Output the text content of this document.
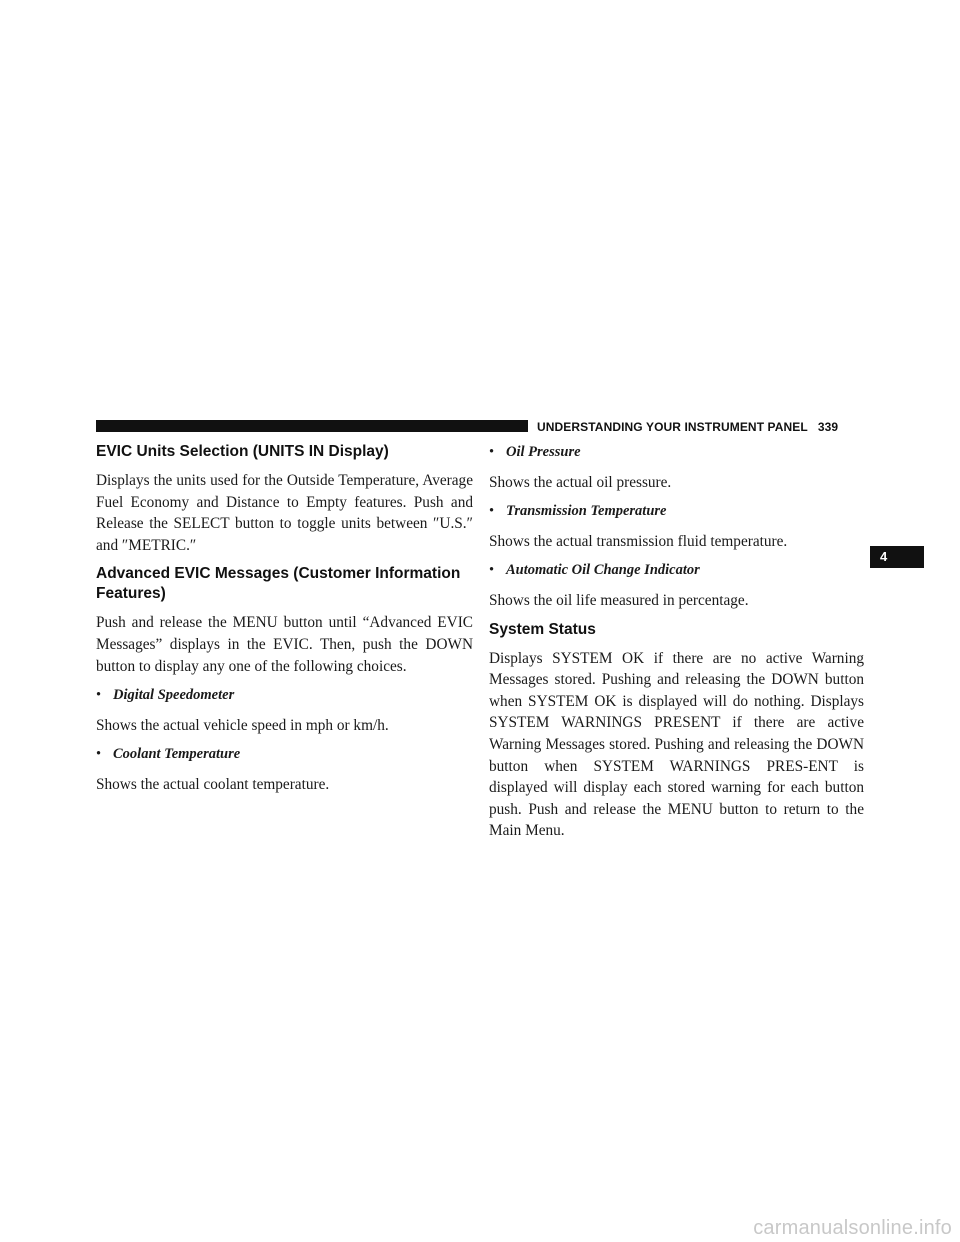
UNDERSTANDING YOUR INSTRUMENT PANEL 339
EVIC Units Selection (UNITS IN Display)

Displays the units used for the Outside Temperature, Average Fuel Economy and Distance to Empty features. Push and Release the SELECT button to toggle units between ″U.S.″ and ″METRIC.″

Advanced EVIC Messages (Customer Information Features)

Push and release the MENU button until “Advanced EVIC Messages” displays in the EVIC. Then, push the DOWN button to display any one of the following choices.

• Digital Speedometer

Shows the actual vehicle speed in mph or km/h.

• Coolant Temperature

Shows the actual coolant temperature.

• Oil Pressure

Shows the actual oil pressure.

• Transmission Temperature

Shows the actual transmission fluid temperature.

• Automatic Oil Change Indicator

Shows the oil life measured in percentage.

System Status

Displays SYSTEM OK if there are no active Warning Messages stored. Pushing and releasing the DOWN button when SYSTEM OK is displayed will do nothing. Displays SYSTEM WARNINGS PRESENT if there are active Warning Messages stored. Pushing and releasing the DOWN button when SYSTEM WARNINGS PRES-ENT is displayed will display each stored warning for each button push. Push and release the MENU button to return to the Main Menu.

4
carmanualsonline.info
